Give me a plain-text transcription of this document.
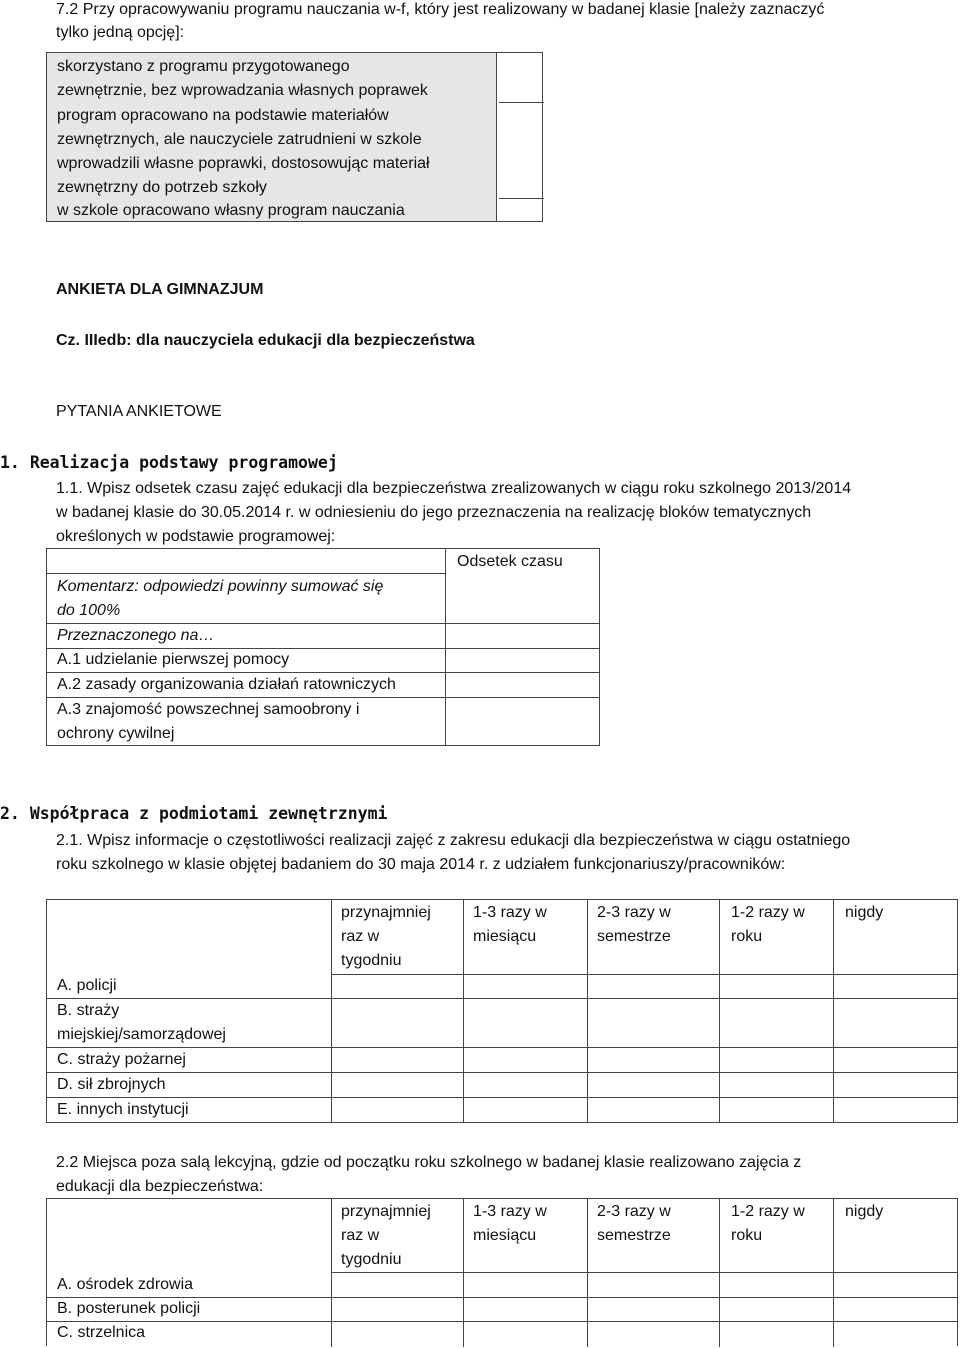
7.2 Przy opracowywaniu programu nauczania w-f, który jest realizowany w badanej klasie [należy zaznaczyć
tylko jedną opcję]:
skorzystano z programu przygotowanego
zewnętrznie, bez wprowadzania własnych poprawek
program opracowano na podstawie materiałów
zewnętrznych, ale nauczyciele zatrudnieni w szkole
wprowadzili własne poprawki, dostosowując materiał
zewnętrzny do potrzeb szkoły
w szkole opracowano własny program nauczania
ANKIETA DLA GIMNAZJUM
Cz. IIIedb: dla nauczyciela edukacji dla bezpieczeństwa
PYTANIA ANKIETOWE
1. Realizacja podstawy programowej
1.1. Wpisz odsetek czasu zajęć edukacji dla bezpieczeństwa zrealizowanych w ciągu roku szkolnego 2013/2014
w badanej klasie do 30.05.2014 r. w odniesieniu do jego przeznaczenia na realizację bloków tematycznych
określonych w podstawie programowej:
Odsetek czasu
Komentarz: odpowiedzi powinny sumować się
do 100%
Przeznaczonego na…
A.1 udzielanie pierwszej pomocy
A.2 zasady organizowania działań ratowniczych
A.3 znajomość powszechnej samoobrony i
ochrony cywilnej
2. Współpraca z podmiotami zewnętrznymi
2.1. Wpisz informacje o częstotliwości realizacji zajęć z zakresu edukacji dla bezpieczeństwa w ciągu ostatniego
roku szkolnego w klasie objętej badaniem do 30 maja 2014 r. z udziałem funkcjonariuszy/pracowników:
przynajmniej
raz w
tygodniu
1-3 razy w
miesiącu
2-3 razy w
semestrze
1-2 razy w
roku
nigdy
A. policji
B. straży
miejskiej/samorządowej
C. straży pożarnej
D. sił zbrojnych
E. innych instytucji
2.2 Miejsca poza salą lekcyjną, gdzie od początku roku szkolnego w badanej klasie realizowano zajęcia z
edukacji dla bezpieczeństwa:
przynajmniej
raz w
tygodniu
1-3 razy w
miesiącu
2-3 razy w
semestrze
1-2 razy w
roku
nigdy
A. ośrodek zdrowia
B. posterunek policji
C. strzelnica
